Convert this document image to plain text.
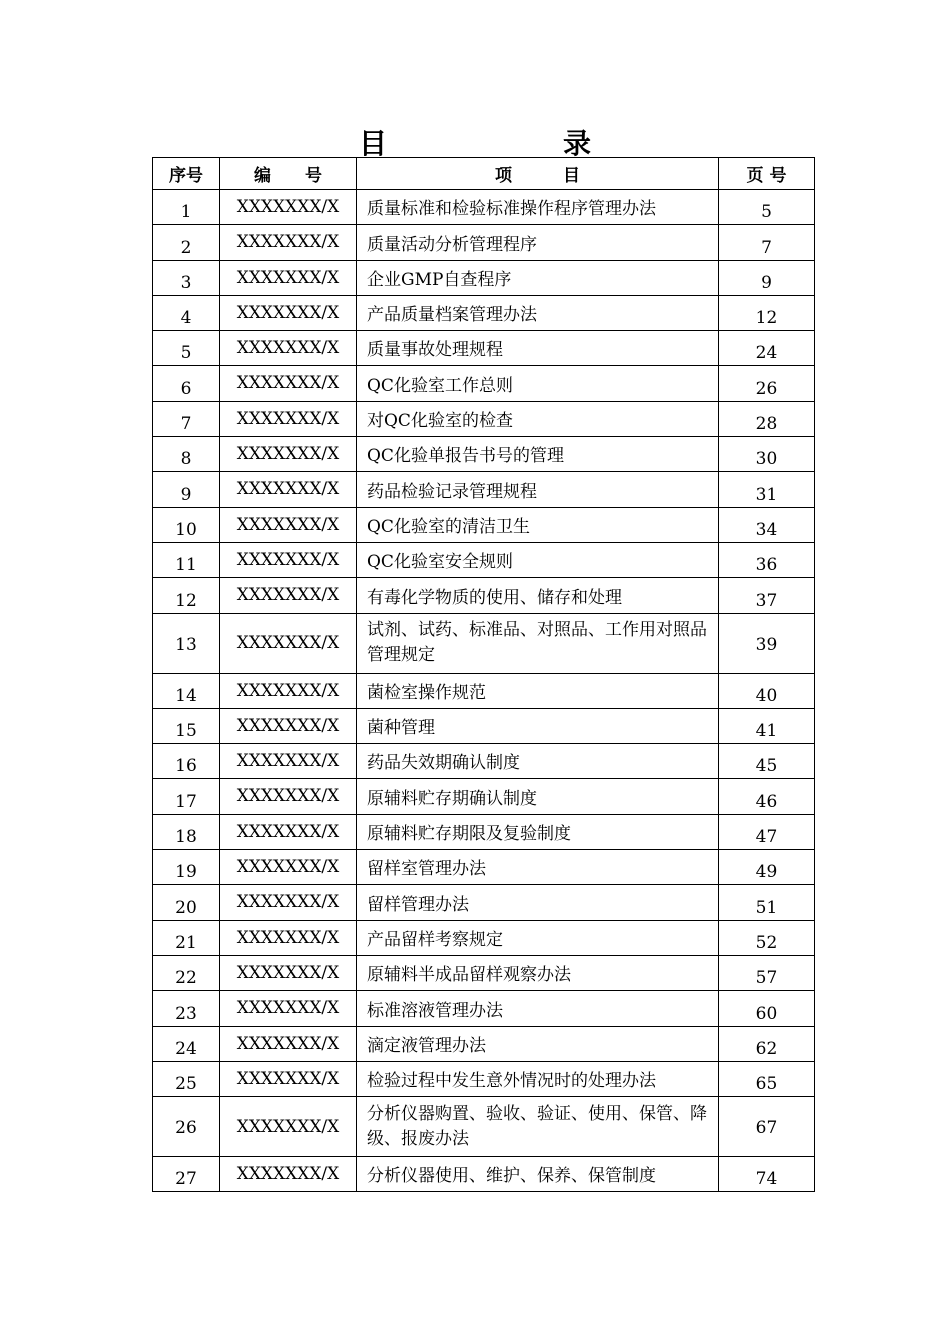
目　录
序号	编　　号	项　　　目	页 号
1	XXXXXXX/X	质量标准和检验标准操作程序管理办法	5
2	XXXXXXX/X	质量活动分析管理程序	7
3	XXXXXXX/X	企业GMP自查程序	9
4	XXXXXXX/X	产品质量档案管理办法	12
5	XXXXXXX/X	质量事故处理规程	24
6	XXXXXXX/X	QC化验室工作总则	26
7	XXXXXXX/X	对QC化验室的检查	28
8	XXXXXXX/X	QC化验单报告书号的管理	30
9	XXXXXXX/X	药品检验记录管理规程	31
10	XXXXXXX/X	QC化验室的清洁卫生	34
11	XXXXXXX/X	QC化验室安全规则	36
12	XXXXXXX/X	有毒化学物质的使用、储存和处理	37
13	XXXXXXX/X	试剂、试药、标准品、对照品、工作用对照品管理规定	39
14	XXXXXXX/X	菌检室操作规范	40
15	XXXXXXX/X	菌种管理	41
16	XXXXXXX/X	药品失效期确认制度	45
17	XXXXXXX/X	原辅料贮存期确认制度	46
18	XXXXXXX/X	原辅料贮存期限及复验制度	47
19	XXXXXXX/X	留样室管理办法	49
20	XXXXXXX/X	留样管理办法	51
21	XXXXXXX/X	产品留样考察规定	52
22	XXXXXXX/X	原辅料半成品留样观察办法	57
23	XXXXXXX/X	标准溶液管理办法	60
24	XXXXXXX/X	滴定液管理办法	62
25	XXXXXXX/X	检验过程中发生意外情况时的处理办法	65
26	XXXXXXX/X	分析仪器购置、验收、验证、使用、保管、降级、报废办法	67
27	XXXXXXX/X	分析仪器使用、维护、保养、保管制度	74
